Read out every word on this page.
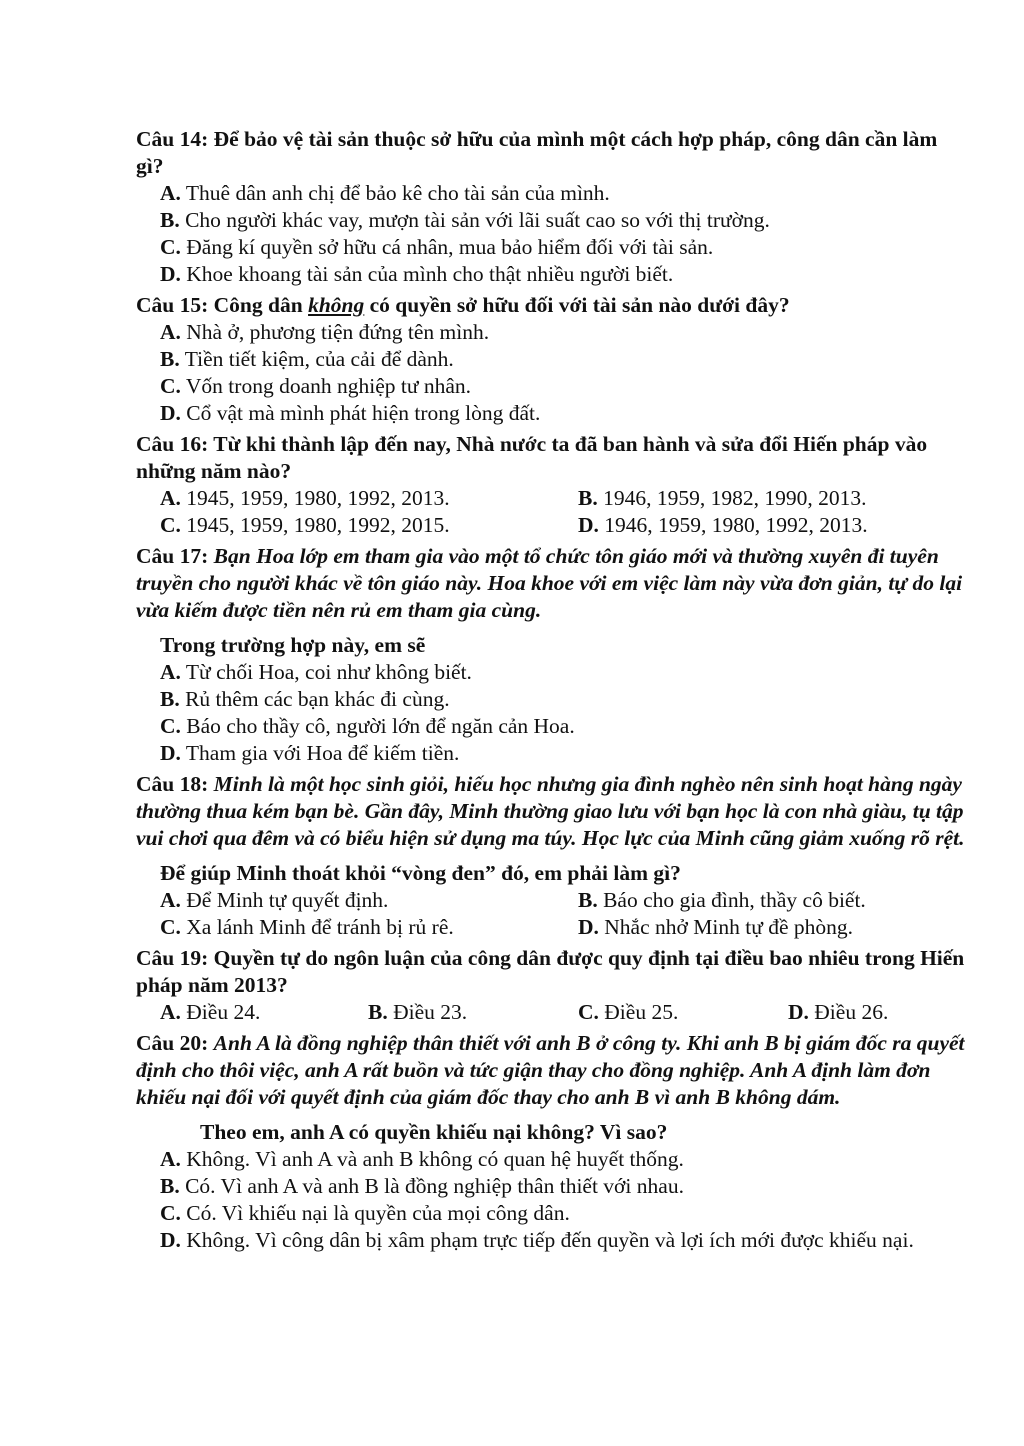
Câu 14: Để bảo vệ tài sản thuộc sở hữu của mình một cách hợp pháp, công dân cần làm gì?
A. Thuê dân anh chị để bảo kê cho tài sản của mình.
B. Cho người khác vay, mượn tài sản với lãi suất cao so với thị trường.
C. Đăng kí quyền sở hữu cá nhân, mua bảo hiểm đối với tài sản.
D. Khoe khoang tài sản của mình cho thật nhiều người biết.
Câu 15: Công dân không có quyền sở hữu đối với tài sản nào dưới đây?
A. Nhà ở, phương tiện đứng tên mình.
B. Tiền tiết kiệm, của cải để dành.
C. Vốn trong doanh nghiệp tư nhân.
D. Cổ vật mà mình phát hiện trong lòng đất.
Câu 16: Từ khi thành lập đến nay, Nhà nước ta đã ban hành và sửa đổi Hiến pháp vào những năm nào?
A. 1945, 1959, 1980, 1992, 2013.	B. 1946, 1959, 1982, 1990, 2013.
C. 1945, 1959, 1980, 1992, 2015.	D. 1946, 1959, 1980, 1992, 2013.
Câu 17: Bạn Hoa lớp em tham gia vào một tổ chức tôn giáo mới và thường xuyên đi tuyên truyền cho người khác về tôn giáo này. Hoa khoe với em việc làm này vừa đơn giản, tự do lại vừa kiếm được tiền nên rủ em tham gia cùng.
Trong trường hợp này, em sẽ
A. Từ chối Hoa, coi như không biết.
B. Rủ thêm các bạn khác đi cùng.
C. Báo cho thầy cô, người lớn để ngăn cản Hoa.
D. Tham gia với Hoa để kiếm tiền.
Câu 18: Minh là một học sinh giỏi, hiếu học nhưng gia đình nghèo nên sinh hoạt hàng ngày thường thua kém bạn bè. Gần đây, Minh thường giao lưu với bạn học là con nhà giàu, tụ tập vui chơi qua đêm và có biểu hiện sử dụng ma túy. Học lực của Minh cũng giảm xuống rõ rệt.
Để giúp Minh thoát khỏi “vòng đen” đó, em phải làm gì?
A. Để Minh tự quyết định.	B. Báo cho gia đình, thầy cô biết.
C. Xa lánh Minh để tránh bị rủ rê.	D. Nhắc nhở Minh tự đề phòng.
Câu 19: Quyền tự do ngôn luận của công dân được quy định tại điều bao nhiêu trong Hiến pháp năm 2013?
A. Điều 24.	B. Điều 23.	C. Điều 25.	D. Điều 26.
Câu 20: Anh A là đồng nghiệp thân thiết với anh B ở công ty. Khi anh B bị giám đốc ra quyết định cho thôi việc, anh A rất buồn và tức giận thay cho đồng nghiệp. Anh A định làm đơn khiếu nại đối với quyết định của giám đốc thay cho anh B vì anh B không dám.
Theo em, anh A có quyền khiếu nại không? Vì sao?
A. Không. Vì anh A và anh B không có quan hệ huyết thống.
B. Có. Vì anh A và anh B là đồng nghiệp thân thiết với nhau.
C. Có. Vì khiếu nại là quyền của mọi công dân.
D. Không. Vì công dân bị xâm phạm trực tiếp đến quyền và lợi ích mới được khiếu nại.
